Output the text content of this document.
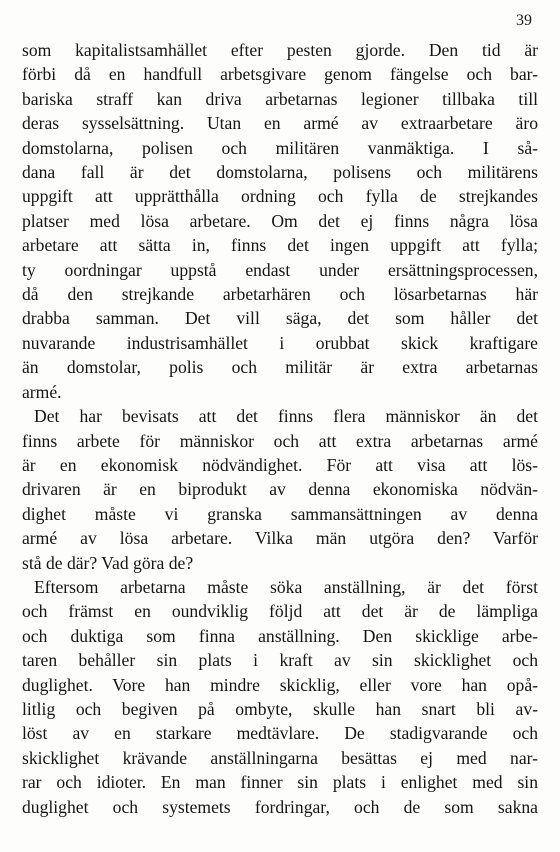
39
som kapitalistsamhället efter pesten gjorde. Den tid är
förbi då en handfull arbetsgivare genom fängelse och bar-
bariska straff kan driva arbetarnas legioner tillbaka till
deras sysselsättning. Utan en armé av extraarbetare äro
domstolarna, polisen och militären vanmäktiga. I så-
dana fall är det domstolarna, polisens och militärens
uppgift att upprätthålla ordning och fylla de strejkandes
platser med lösa arbetare. Om det ej finns några lösa
arbetare att sätta in, finns det ingen uppgift att fylla;
ty oordningar uppstå endast under ersättningsprocessen,
då den strejkande arbetarhären och lösarbetarnas här
drabba samman. Det vill säga, det som håller det
nuvarande industrisamhället i orubbat skick kraftigare
än domstolar, polis och militär är extra arbetarnas
armé.
Det har bevisats att det finns flera människor än det
finns arbete för människor och att extra arbetarnas armé
är en ekonomisk nödvändighet. För att visa att lös-
drivaren är en biprodukt av denna ekonomiska nödvän-
dighet måste vi granska sammansättningen av denna
armé av lösa arbetare. Vilka män utgöra den? Varför
stå de där? Vad göra de?
Eftersom arbetarna måste söka anställning, är det först
och främst en oundviklig följd att det är de lämpliga
och duktiga som finna anställning. Den skicklige arbe-
taren behåller sin plats i kraft av sin skicklighet och
duglighet. Vore han mindre skicklig, eller vore han opå-
litlig och begiven på ombyte, skulle han snart bli av-
löst av en starkare medtävlare. De stadigvarande och
skicklighet krävande anställningarna besättas ej med nar-
rar och idioter. En man finner sin plats i enlighet med sin
duglighet och systemets fordringar, och de som sakna
